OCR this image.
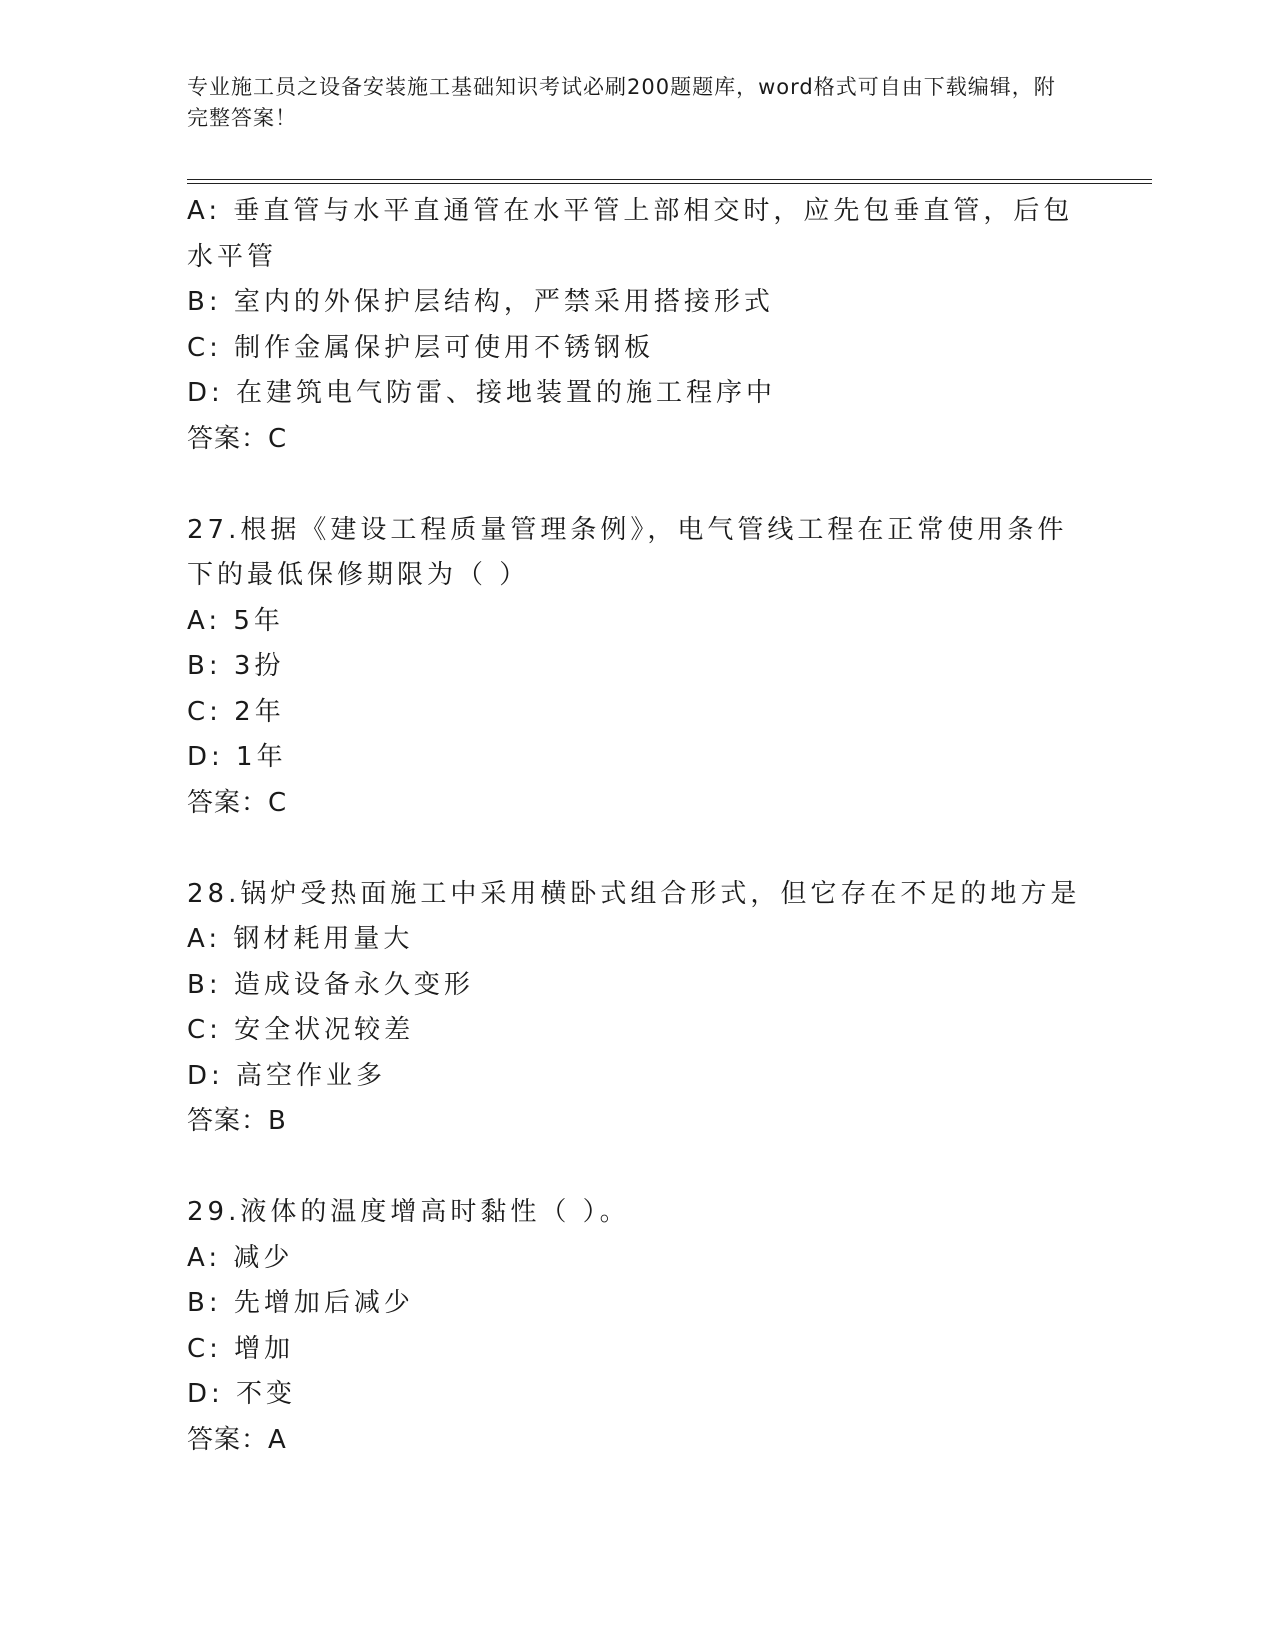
专业施工员之设备安装施工基础知识考试必刷200题题库，word格式可自由下载编辑，附完整答案！
A: 垂直管与水平直通管在水平管上部相交时，应先包垂直管，后包水平管
B: 室内的外保护层结构，严禁采用搭接形式
C: 制作金属保护层可使用不锈钢板
D: 在建筑电气防雷、接地装置的施工程序中
答案：C
27.根据《建设工程质量管理条例》，电气管线工程在正常使用条件下的最低保修期限为（ ）
A: 5年
B: 3扮
C: 2年
D: 1年
答案：C
28.锅炉受热面施工中采用横卧式组合形式，但它存在不足的地方是
A: 钢材耗用量大
B: 造成设备永久变形
C: 安全状况较差
D: 高空作业多
答案：B
29.液体的温度增高时黏性（ ）。
A: 减少
B: 先增加后减少
C: 增加
D: 不变
答案：A
